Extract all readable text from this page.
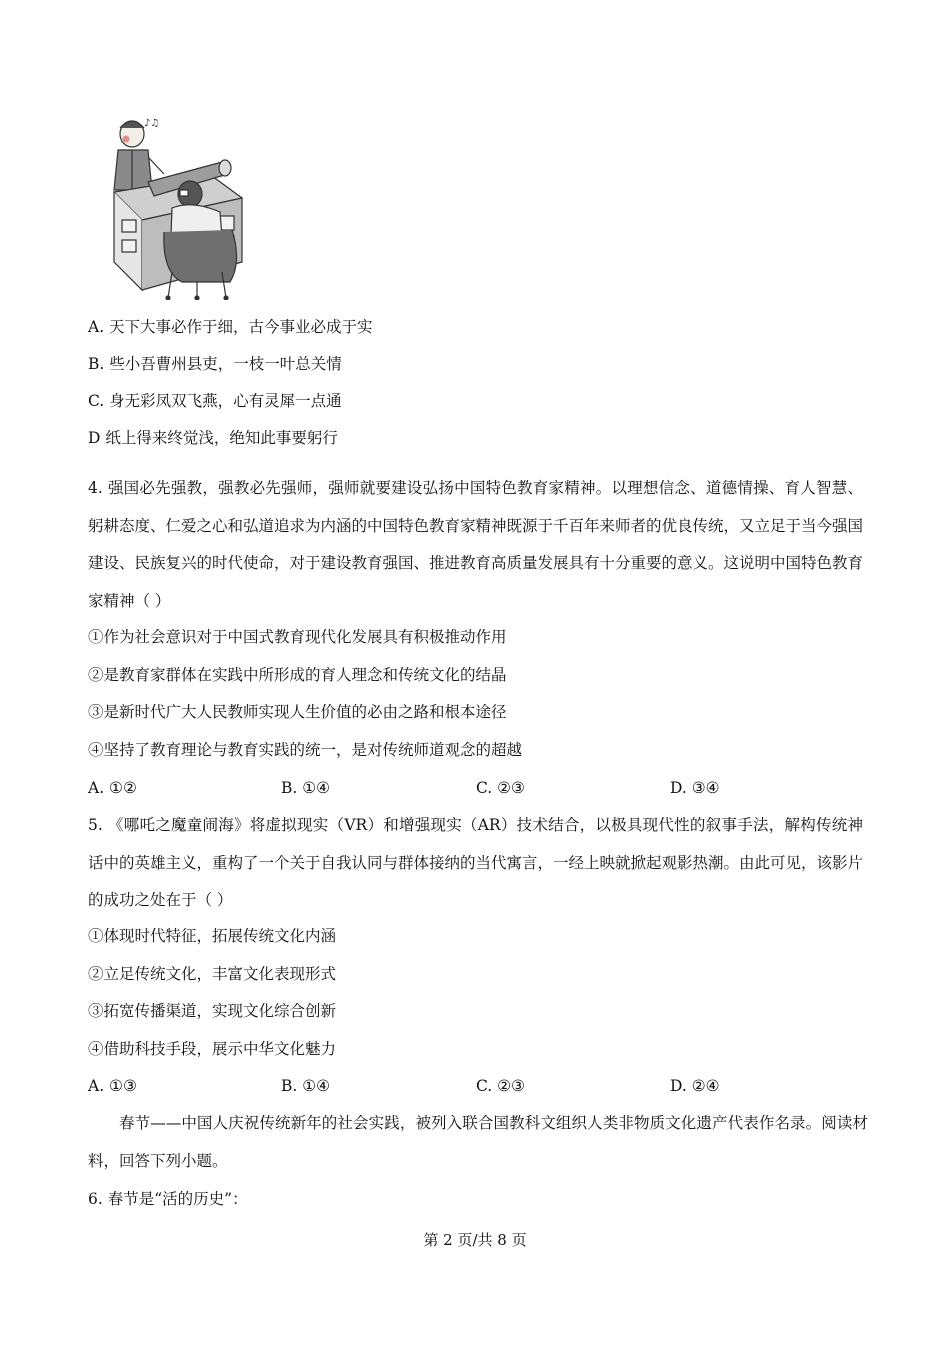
♪♫
A. 天下大事必作于细，古今事业必成于实
B. 些小吾曹州县吏，一枝一叶总关情
C. 身无彩凤双飞燕，心有灵犀一点通
D 纸上得来终觉浅，绝知此事要躬行
4. 强国必先强教，强教必先强师，强师就要建设弘扬中国特色教育家精神。以理想信念、道德情操、育人智慧、躬耕态度、仁爱之心和弘道追求为内涵的中国特色教育家精神既源于千百年来师者的优良传统，又立足于当今强国建设、民族复兴的时代使命，对于建设教育强国、推进教育高质量发展具有十分重要的意义。这说明中国特色教育家精神（ ）
①作为社会意识对于中国式教育现代化发展具有积极推动作用
②是教育家群体在实践中所形成的育人理念和传统文化的结晶
③是新时代广大人民教师实现人生价值的必由之路和根本途径
④坚持了教育理论与教育实践的统一，是对传统师道观念的超越
A. ①②	B. ①④	C. ②③	D. ③④
5. 《哪吒之魔童闹海》将虚拟现实（VR）和增强现实（AR）技术结合，以极具现代性的叙事手法，解构传统神话中的英雄主义，重构了一个关于自我认同与群体接纳的当代寓言，一经上映就掀起观影热潮。由此可见，该影片的成功之处在于（ ）
①体现时代特征，拓展传统文化内涵
②立足传统文化，丰富文化表现形式
③拓宽传播渠道，实现文化综合创新
④借助科技手段，展示中华文化魅力
A. ①③	B. ①④	C. ②③	D. ②④
春节——中国人庆祝传统新年的社会实践，被列入联合国教科文组织人类非物质文化遗产代表作名录。阅读材料，回答下列小题。
6. 春节是“活的历史”：
第 2 页/共 8 页
